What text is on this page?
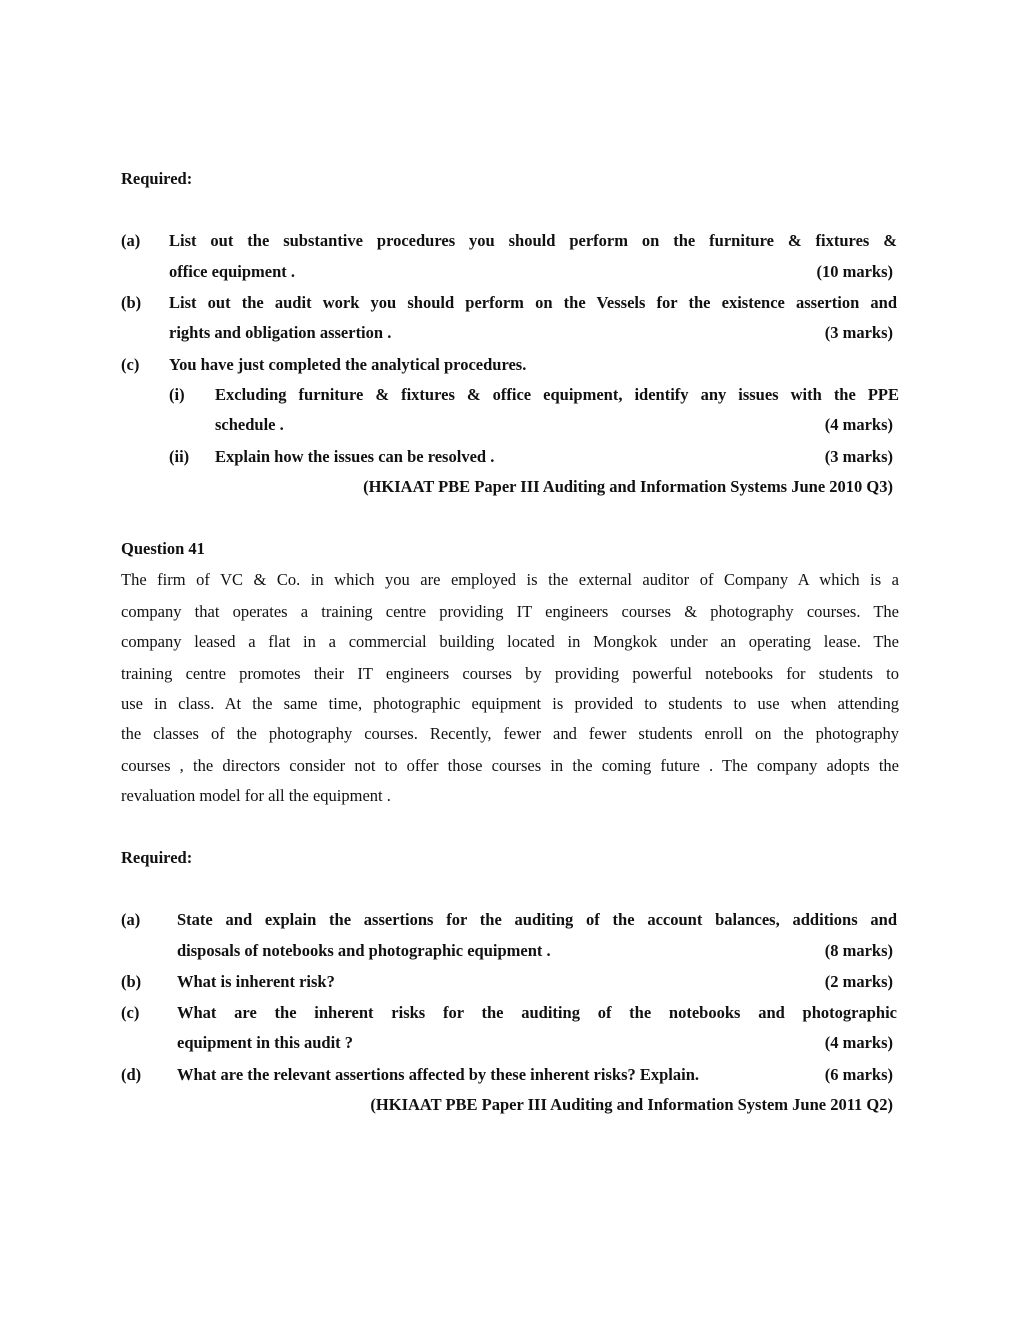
Required:
(a) List out the substantive procedures you should perform on the furniture & fixtures &
office equipment .	(10 marks)
(b) List out the audit work you should perform on the Vessels for the existence assertion and
rights and obligation assertion .	(3 marks)
(c) You have just completed the analytical procedures.
(i) Excluding furniture & fixtures & office equipment, identify any issues with the PPE
schedule .	(4 marks)
(ii) Explain how the issues can be resolved .	(3 marks)
(HKIAAT PBE Paper III Auditing and Information Systems June 2010 Q3)
Question 41

The firm of VC & Co. in which you are employed is the external auditor of Company A which is a

company that operates a training centre providing IT engineers courses & photography courses. The

company leased a flat in a commercial building located in Mongkok under an operating lease. The

training centre promotes their IT engineers courses by providing powerful notebooks for students to

use in class. At the same time, photographic equipment is provided to students to use when attending

the classes of the photography courses. Recently, fewer and fewer students enroll on the photography

courses , the directors consider not to offer those courses in the coming future . The company adopts the

revaluation model for all the equipment .

Required:
(a) State and explain the assertions for the auditing of the account balances, additions and
disposals of notebooks and photographic equipment .	(8 marks)
(b) What is inherent risk?	(2 marks)
(c) What are the inherent risks for the auditing of the notebooks and photographic
equipment in this audit ?	(4 marks)
(d) What are the relevant assertions affected by these inherent risks? Explain.	(6 marks)
(HKIAAT PBE Paper III Auditing and Information System June 2011 Q2)
